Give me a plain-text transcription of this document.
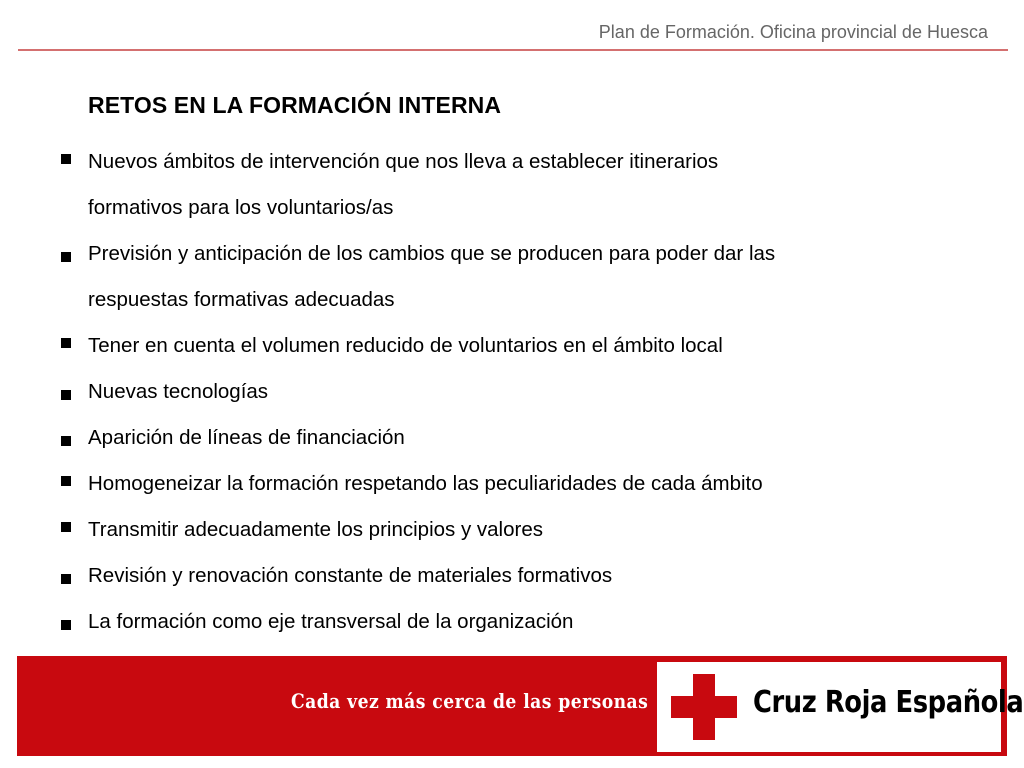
Plan de Formación. Oficina provincial de Huesca
RETOS EN LA FORMACIÓN INTERNA
Nuevos ámbitos de intervención que nos lleva a establecer itinerarios
formativos para los voluntarios/as
Previsión y anticipación de los cambios que se producen para poder dar las
respuestas formativas adecuadas
Tener en cuenta el volumen reducido de voluntarios en el ámbito local
Nuevas tecnologías
Aparición de líneas de financiación
Homogeneizar la formación respetando las peculiaridades de cada ámbito
Transmitir adecuadamente los principios y valores
Revisión y renovación constante de materiales formativos
La formación como eje transversal de la organización
Cada vez más cerca de las personas	Cruz Roja Española
